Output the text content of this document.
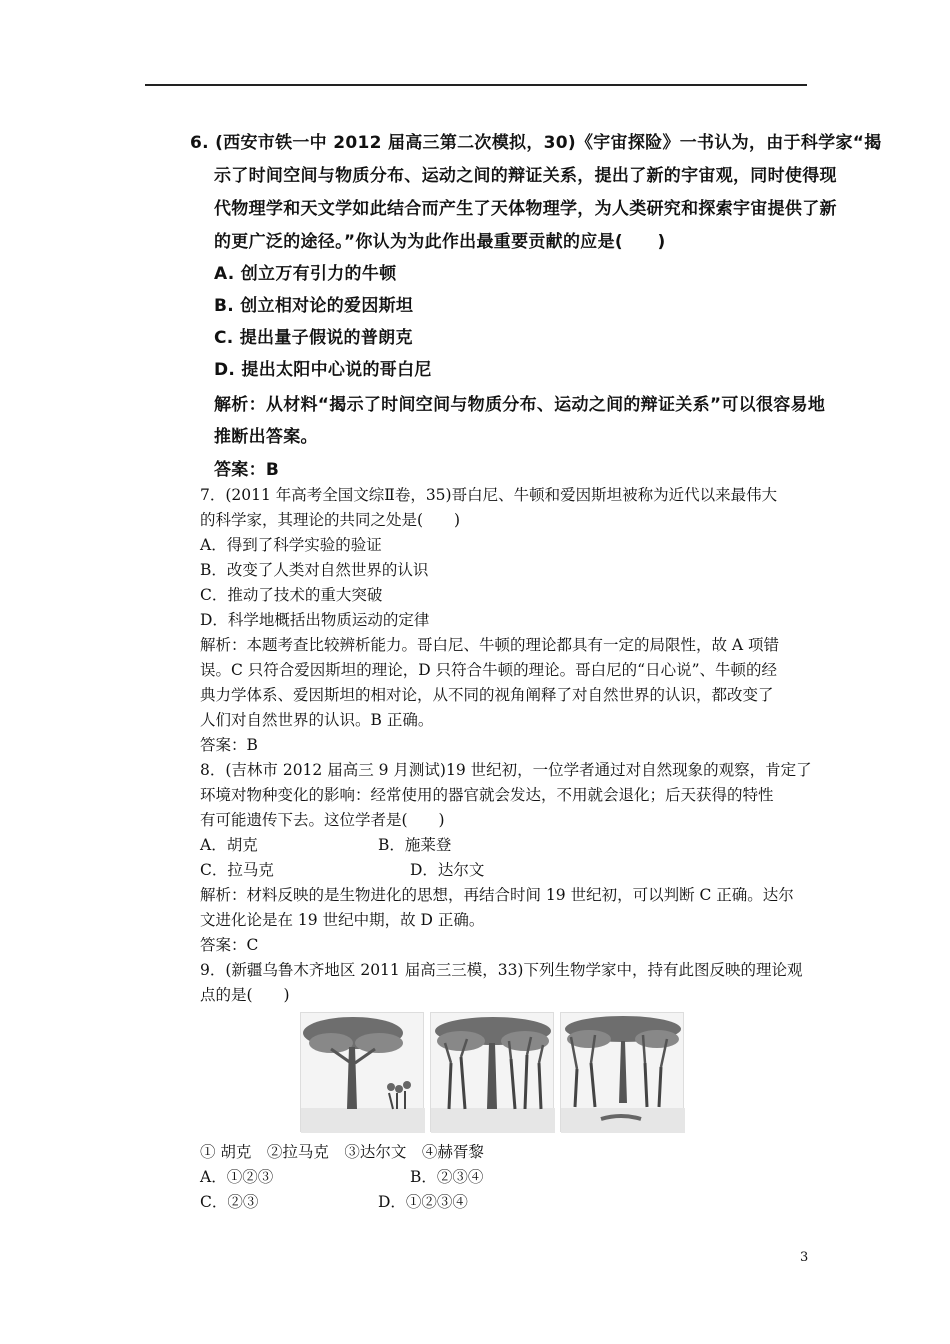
6. (西安市铁一中 2012 届高三第二次模拟，30)《宇宙探险》一书认为，由于科学家“揭
示了时间空间与物质分布、运动之间的辩证关系，提出了新的宇宙观，同时使得现
代物理学和天文学如此结合而产生了天体物理学，为人类研究和探索宇宙提供了新
的更广泛的途径。”你认为为此作出最重要贡献的应是(　　)
A. 创立万有引力的牛顿
B. 创立相对论的爱因斯坦
C. 提出量子假说的普朗克
D. 提出太阳中心说的哥白尼
解析：从材料“揭示了时间空间与物质分布、运动之间的辩证关系”可以很容易地
推断出答案。
答案：B
7．(2011 年高考全国文综Ⅱ卷，35)哥白尼、牛顿和爱因斯坦被称为近代以来最伟大
的科学家，其理论的共同之处是(　　)
A．得到了科学实验的验证
B．改变了人类对自然世界的认识
C．推动了技术的重大突破
D．科学地概括出物质运动的定律
解析：本题考查比较辨析能力。哥白尼、牛顿的理论都具有一定的局限性，故 A 项错
误。C 只符合爱因斯坦的理论，D 只符合牛顿的理论。哥白尼的“日心说”、牛顿的经
典力学体系、爱因斯坦的相对论，从不同的视角阐释了对自然世界的认识，都改变了
人们对自然世界的认识。B 正确。
答案：B
8．(吉林市 2012 届高三 9 月测试)19 世纪初，一位学者通过对自然现象的观察，肯定了
环境对物种变化的影响：经常使用的器官就会发达，不用就会退化；后天获得的特性
有可能遗传下去。这位学者是(　　)
A．胡克	B．施莱登
C．拉马克	D．达尔文
解析：材料反映的是生物进化的思想，再结合时间 19 世纪初，可以判断 C 正确。达尔
文进化论是在 19 世纪中期，故 D 正确。
答案：C
9．(新疆乌鲁木齐地区 2011 届高三三模，33)下列生物学家中，持有此图反映的理论观
点的是(　　)
① 胡克　②拉马克　③达尔文　④赫胥黎
A．①②③	B．②③④
C．②③	D．①②③④
3
